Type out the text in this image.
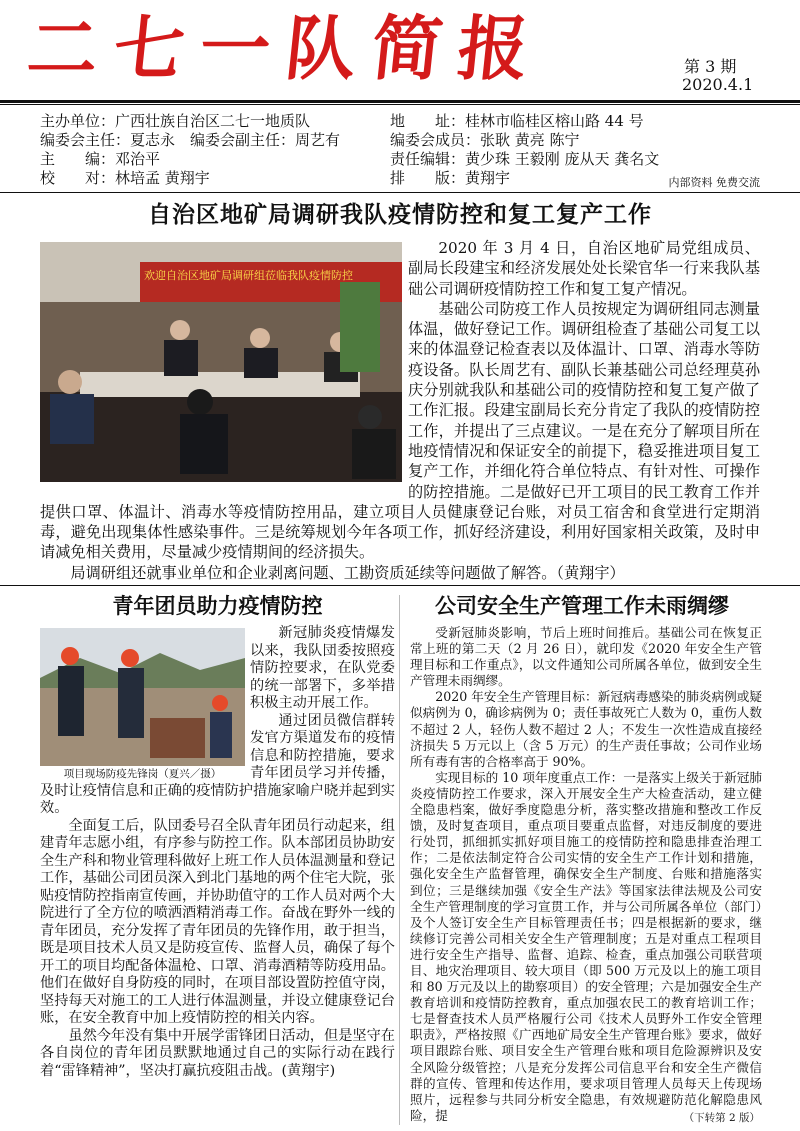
二七一队简报	第 3 期
2020.4.1
主办单位：广西壮族自治区二七一地质队	地　　址：桂林市临桂区榕山路 44 号
编委会主任：夏志永　编委会副主任：周艺有	编委会成员：张耿 黄亮 陈宁
主　　编：邓治平	责任编辑：黄少珠 王毅刚 庞从天 龚名文
校　　对：林培孟 黄翔宇	排　　版：黄翔宇	内部资料 免费交流
自治区地矿局调研我队疫情防控和复工复产工作
欢迎自治区地矿局调研组莅临我队疫情防控

2020 年 3 月 4 日，自治区地矿局党组成员、副局长段建宝和经济发展处处长梁官华一行来我队基础公司调研疫情防控工作和复工复产情况。

基础公司防疫工作人员按规定为调研组同志测量体温，做好登记工作。调研组检查了基础公司复工以来的体温登记检查表以及体温计、口罩、消毒水等防疫设备。队长周艺有、副队长兼基础公司总经理莫孙庆分别就我队和基础公司的疫情防控和复工复产做了工作汇报。段建宝副局长充分肯定了我队的疫情防控工作，并提出了三点建议。一是在充分了解项目所在地疫情情况和保证安全的前提下，稳妥推进项目复工复产工作，并细化符合单位特点、有针对性、可操作的防控措施。二是做好已开工项目的民工教育工作并提供口罩、体温计、消毒水等疫情防控用品，建立项目人员健康登记台账，对员工宿舍和食堂进行定期消毒，避免出现集体性感染事件。三是统筹规划今年各项工作，抓好经济建设，利用好国家相关政策，及时申请减免相关费用，尽量减少疫情期间的经济损失。

局调研组还就事业单位和企业剥离问题、工勘资质延续等问题做了解答。（黄翔宇）

青年团员助力疫情防控
项目现场防疫先锋岗（夏兴／摄）

新冠肺炎疫情爆发以来，我队団委按照疫情防控要求，在队党委的统一部署下，多举措积极主动开展工作。

通过团员微信群转发官方渠道发布的疫情信息和防控措施，要求青年团员学习并传播，及时让疫情信息和正确的疫情防护措施家喻户晓并起到实效。

全面复工后，队団委号召全队青年团员行动起来，组建青年志愿小组，有序参与防控工作。队本部团员协助安全生产科和物业管理科做好上班工作人员体温测量和登记工作，基础公司团员深入到北门基地的两个住宅大院，张贴疫情防控指南宣传画，并协助值守的工作人员对两个大院进行了全方位的喷洒酒精消毒工作。奋战在野外一线的青年团员，充分发挥了青年团员的先锋作用，敢于担当，既是项目技术人员又是防疫宣传、监督人员，确保了每个开工的项目均配备体温枪、口罩、消毒酒精等防疫用品。他们在做好自身防疫的同时，在项目部设置防控值守岗，坚持每天对施工的工人进行体温测量，并设立健康登记台账，在安全教育中加上疫情防控的相关内容。

虽然今年没有集中开展学雷锋团日活动，但是坚守在各自岗位的青年团员默默地通过自己的实际行动在践行着“雷锋精神”，坚决打赢抗疫阻击战。(黄翔宇)

公司安全生产管理工作未雨绸缪

受新冠肺炎影响，节后上班时间推后。基础公司在恢复正常上班的第二天（2 月 26 日），就印发《2020 年安全生产管理目标和工作重点》，以文件通知公司所属各单位，做到安全生产管理未雨绸缪。

2020 年安全生产管理目标：新冠病毒感染的肺炎病例或疑似病例为 0，确诊病例为 0；责任事故死亡人数为 0，重伤人数不超过 2 人，轻伤人数不超过 2 人；不发生一次性造成直接经济损失 5 万元以上（含 5 万元）的生产责任事故；公司作业场所有毒有害的合格率高于 90%。

实现目标的 10 项年度重点工作：一是落实上级关于新冠肺炎疫情防控工作要求，深入开展安全生产大检查活动，建立健全隐患档案，做好季度隐患分析，落实整改措施和整改工作反馈，及时复查项目，重点项目要重点监督，对违反制度的要进行处罚，抓细抓实抓好项目施工的疫情防控和隐患排查治理工作；二是依法制定符合公司实情的安全生产工作计划和措施，强化安全生产监督管理，确保安全生产制度、台账和措施落实到位；三是继续加强《安全生产法》等国家法律法规及公司安全生产管理制度的学习宣贯工作，并与公司所属各单位（部门）及个人签订安全生产目标管理责任书；四是根据新的要求，继续修订完善公司相关安全生产管理制度；五是对重点工程项目进行安全生产指导、监督、追踪、检查，重点加强公司联营项目、地灾治理项目、较大项目（即 500 万元及以上的施工项目和 80 万元及以上的勘察项目）的安全管理；六是加强安全生产教育培训和疫情防控教育，重点加强农民工的教育培训工作；七是督查技术人员严格履行公司《技术人员野外工作安全管理职责》，严格按照《广西地矿局安全生产管理台账》要求，做好项目跟踪台账、项目安全生产管理台账和项目危险源辨识及安全风险分级管控；八是充分发挥公司信息平台和安全生产微信群的宣传、管理和传达作用，要求项目管理人员每天上传现场照片，远程参与共同分析安全隐患，有效规避防范化解隐患风险，提	（下转第 2 版）
